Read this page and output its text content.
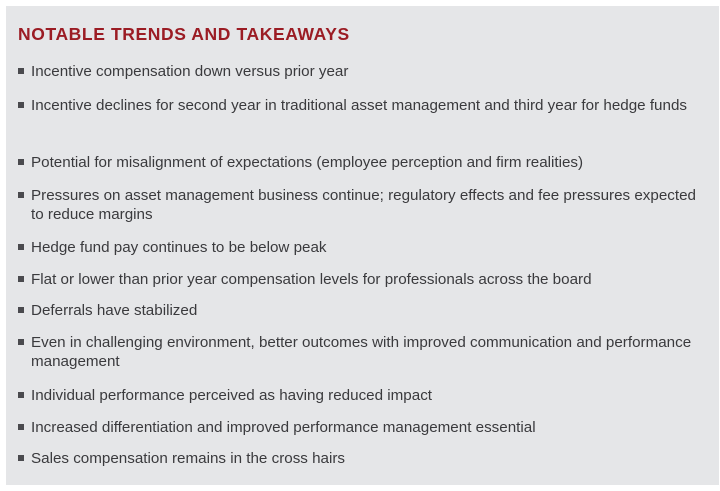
NOTABLE TRENDS AND TAKEAWAYS
Incentive compensation down versus prior year
Incentive declines for second year in traditional asset management and third year for hedge funds
Potential for misalignment of expectations (employee perception and firm realities)
Pressures on asset management business continue; regulatory effects and fee pressures expected to reduce margins
Hedge fund pay continues to be below peak
Flat or lower than prior year compensation levels for professionals across the board
Deferrals have stabilized
Even in challenging environment, better outcomes with improved communication and performance management
Individual performance perceived as having reduced impact
Increased differentiation and improved performance management essential
Sales compensation remains in the cross hairs
